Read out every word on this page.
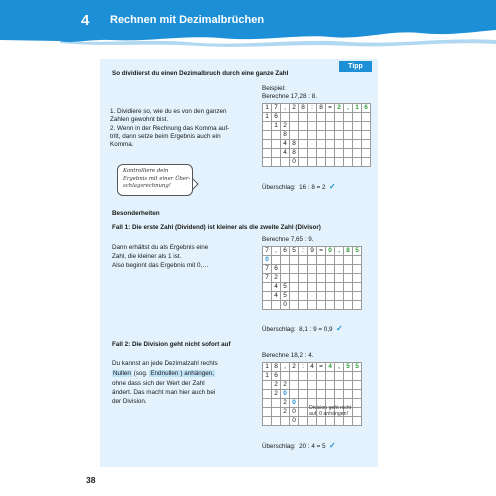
4 Rechnen mit Dezimalbrüchen
Tipp
So dividierst du einen Dezimalbruch durch eine ganze Zahl
1. Dividiere so, wie du es von den ganzen
Zahlen gewohnt bist.
2. Wenn in der Rechnung das Komma auf-
tritt, dann setze beim Ergebnis auch ein
Komma.
Beispiel:
Berechne 17,28 : 8.
1	7	,	2	8	:	8	=	2	,	1	6
1	6										
	1	2									
		8									
		4	8								
		4	8								
			0								
Überschlag: 16 : 8 = 2 ✓
Kontrolliere dein
Ergebnis mit einer Über-
schlagsrechnung!
Besonderheiten
Fall 1: Die erste Zahl (Dividend) ist kleiner als die zweite Zahl (Divisor)
Dann erhältst du als Ergebnis eine
Zahl, die kleiner als 1 ist.
Also beginnt das Ergebnis mit 0,…
Berechne 7,65 : 9.
7	,	6	5	:	9	=	0	,	8	5
0										
7	6									
7	2									
	4	5								
	4	5								
		0								
Überschlag: 8,1 : 9 = 0,9 ✓
Fall 2: Die Division geht nicht sofort auf
Du kannst an jede Dezimalzahl rechts
Nullen (sog. Endnullen ) anhängen,
ohne dass sich der Wert der Zahl
ändert. Das macht man hier auch bei
der Division.
Berechne 18,2 : 4.
1	8	,	2	:	4	=	4	,	5	5
1	6									
	2	2								
	2	0								
		2	0							
		2	0							
			0							
Division geht nicht
auf, 0 anhängen!
Überschlag: 20 : 4 = 5 ✓
38
